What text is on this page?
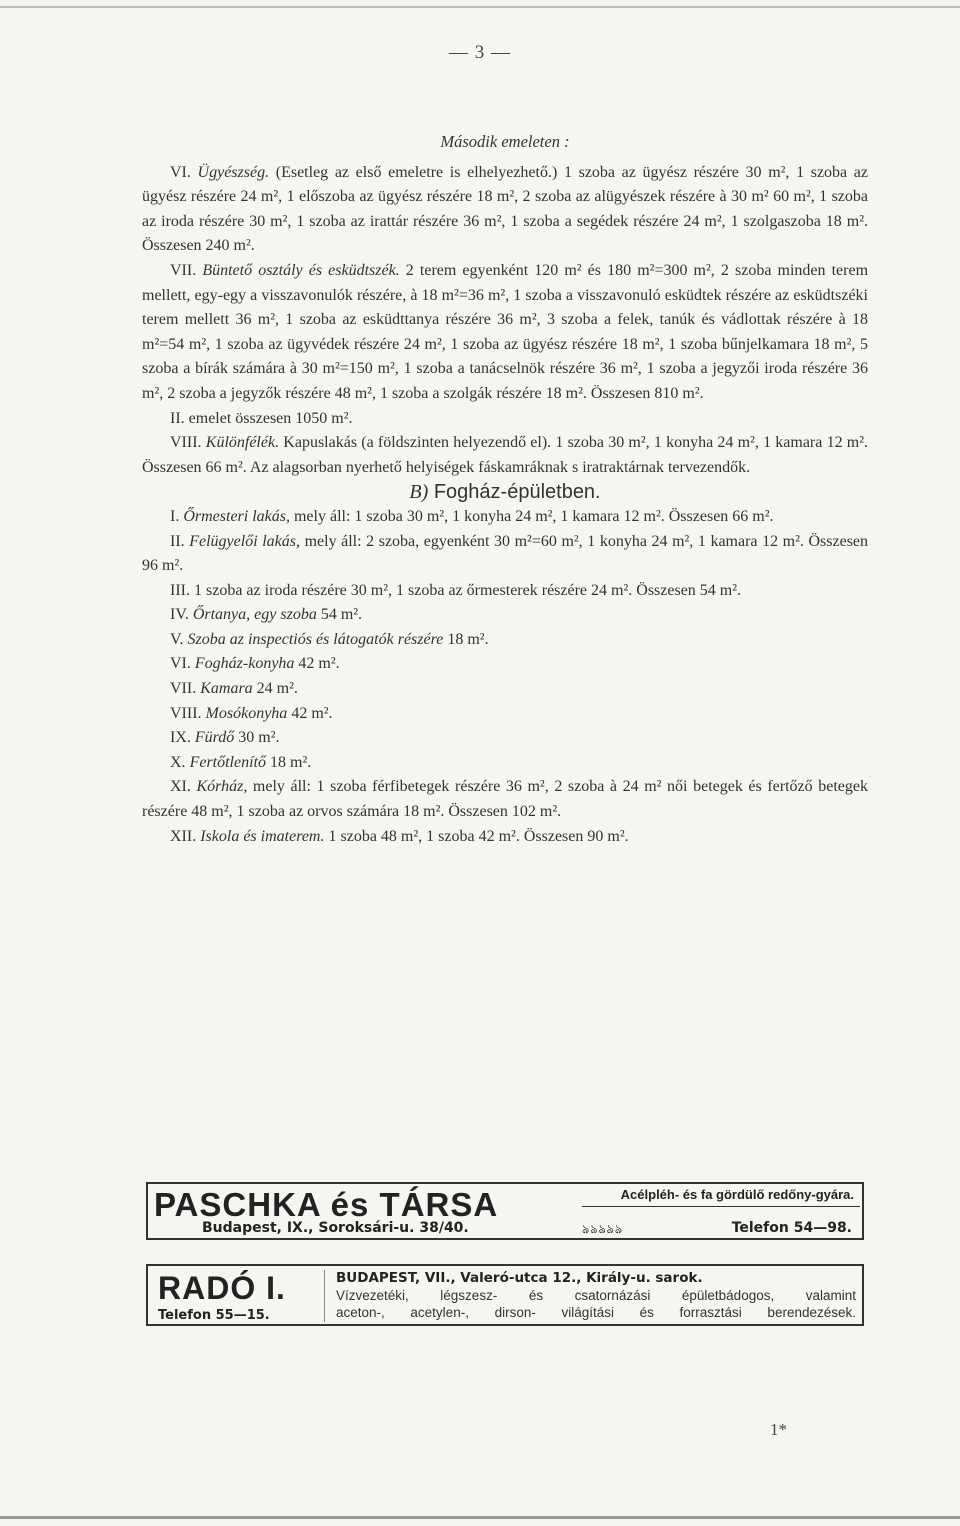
— 3 —

Második emeleten :

VI. Ügyészség. (Esetleg az első emeletre is elhelyezhető.) 1 szoba az ügyész részére 30 m², 1 szoba az ügyész részére 24 m², 1 előszoba az ügyész részére 18 m², 2 szoba az alügyészek részére à 30 m² 60 m², 1 szoba az iroda részére 30 m², 1 szoba az irattár részére 36 m², 1 szoba a segédek részére 24 m², 1 szolgaszoba 18 m². Összesen 240 m².

VII. Büntető osztály és esküdtszék. 2 terem egyenként 120 m² és 180 m²=300 m², 2 szoba minden terem mellett, egy-egy a visszavonulók részére, à 18 m²=36 m², 1 szoba a visszavonuló esküdtek részére az esküdtszéki terem mellett 36 m², 1 szoba az esküdttanya részére 36 m², 3 szoba a felek, tanúk és vádlottak részére à 18 m²=54 m², 1 szoba az ügyvédek részére 24 m², 1 szoba az ügyész részére 18 m², 1 szoba bűnjelkamara 18 m², 5 szoba a bírák számára à 30 m²=150 m², 1 szoba a tanácselnök részére 36 m², 1 szoba a jegyzői iroda részére 36 m², 2 szoba a jegyzők részére 48 m², 1 szoba a szolgák részére 18 m². Összesen 810 m².

II. emelet összesen 1050 m².

VIII. Különfélék. Kapuslakás (a földszinten helyezendő el). 1 szoba 30 m², 1 konyha 24 m², 1 kamara 12 m². Összesen 66 m². Az alagsorban nyerhető helyiségek fáskamráknak s iratraktárnak tervezendők.

B) Fogház-épületben.

I. Őrmesteri lakás, mely áll: 1 szoba 30 m², 1 konyha 24 m², 1 kamara 12 m². Összesen 66 m².

II. Felügyelői lakás, mely áll: 2 szoba, egyenként 30 m²=60 m², 1 konyha 24 m², 1 kamara 12 m². Összesen 96 m².

III. 1 szoba az iroda részére 30 m², 1 szoba az őrmesterek részére 24 m². Összesen 54 m².

IV. Őrtanya, egy szoba 54 m².

V. Szoba az inspectiós és látogatók részére 18 m².

VI. Fogház-konyha 42 m².

VII. Kamara 24 m².

VIII. Mosókonyha 42 m².

IX. Fürdő 30 m².

X. Fertőtlenítő 18 m².

XI. Kórház, mely áll: 1 szoba férfibetegek részére 36 m², 2 szoba à 24 m² női betegek és fertőző betegek részére 48 m², 1 szoba az orvos számára 18 m². Összesen 102 m².

XII. Iskola és imaterem. 1 szoba 48 m², 1 szoba 42 m². Összesen 90 m².

PASCHKA és TÁRSA
Budapest, IX., Soroksári-u. 38/40.
Acélpléh- és fa gördülő redőny-gyára.
ঌঌঌঌঌ	Telefon 54—98.
RADÓ I.
Telefon 55—15.
BUDAPEST, VII., Valeró-utca 12., Király-u. sarok.
Vízvezetéki, légszesz- és csatornázási épületbádogos, valamint
aceton-, acetylen-, dirson- világítási és forrasztási berendezések.
1*
